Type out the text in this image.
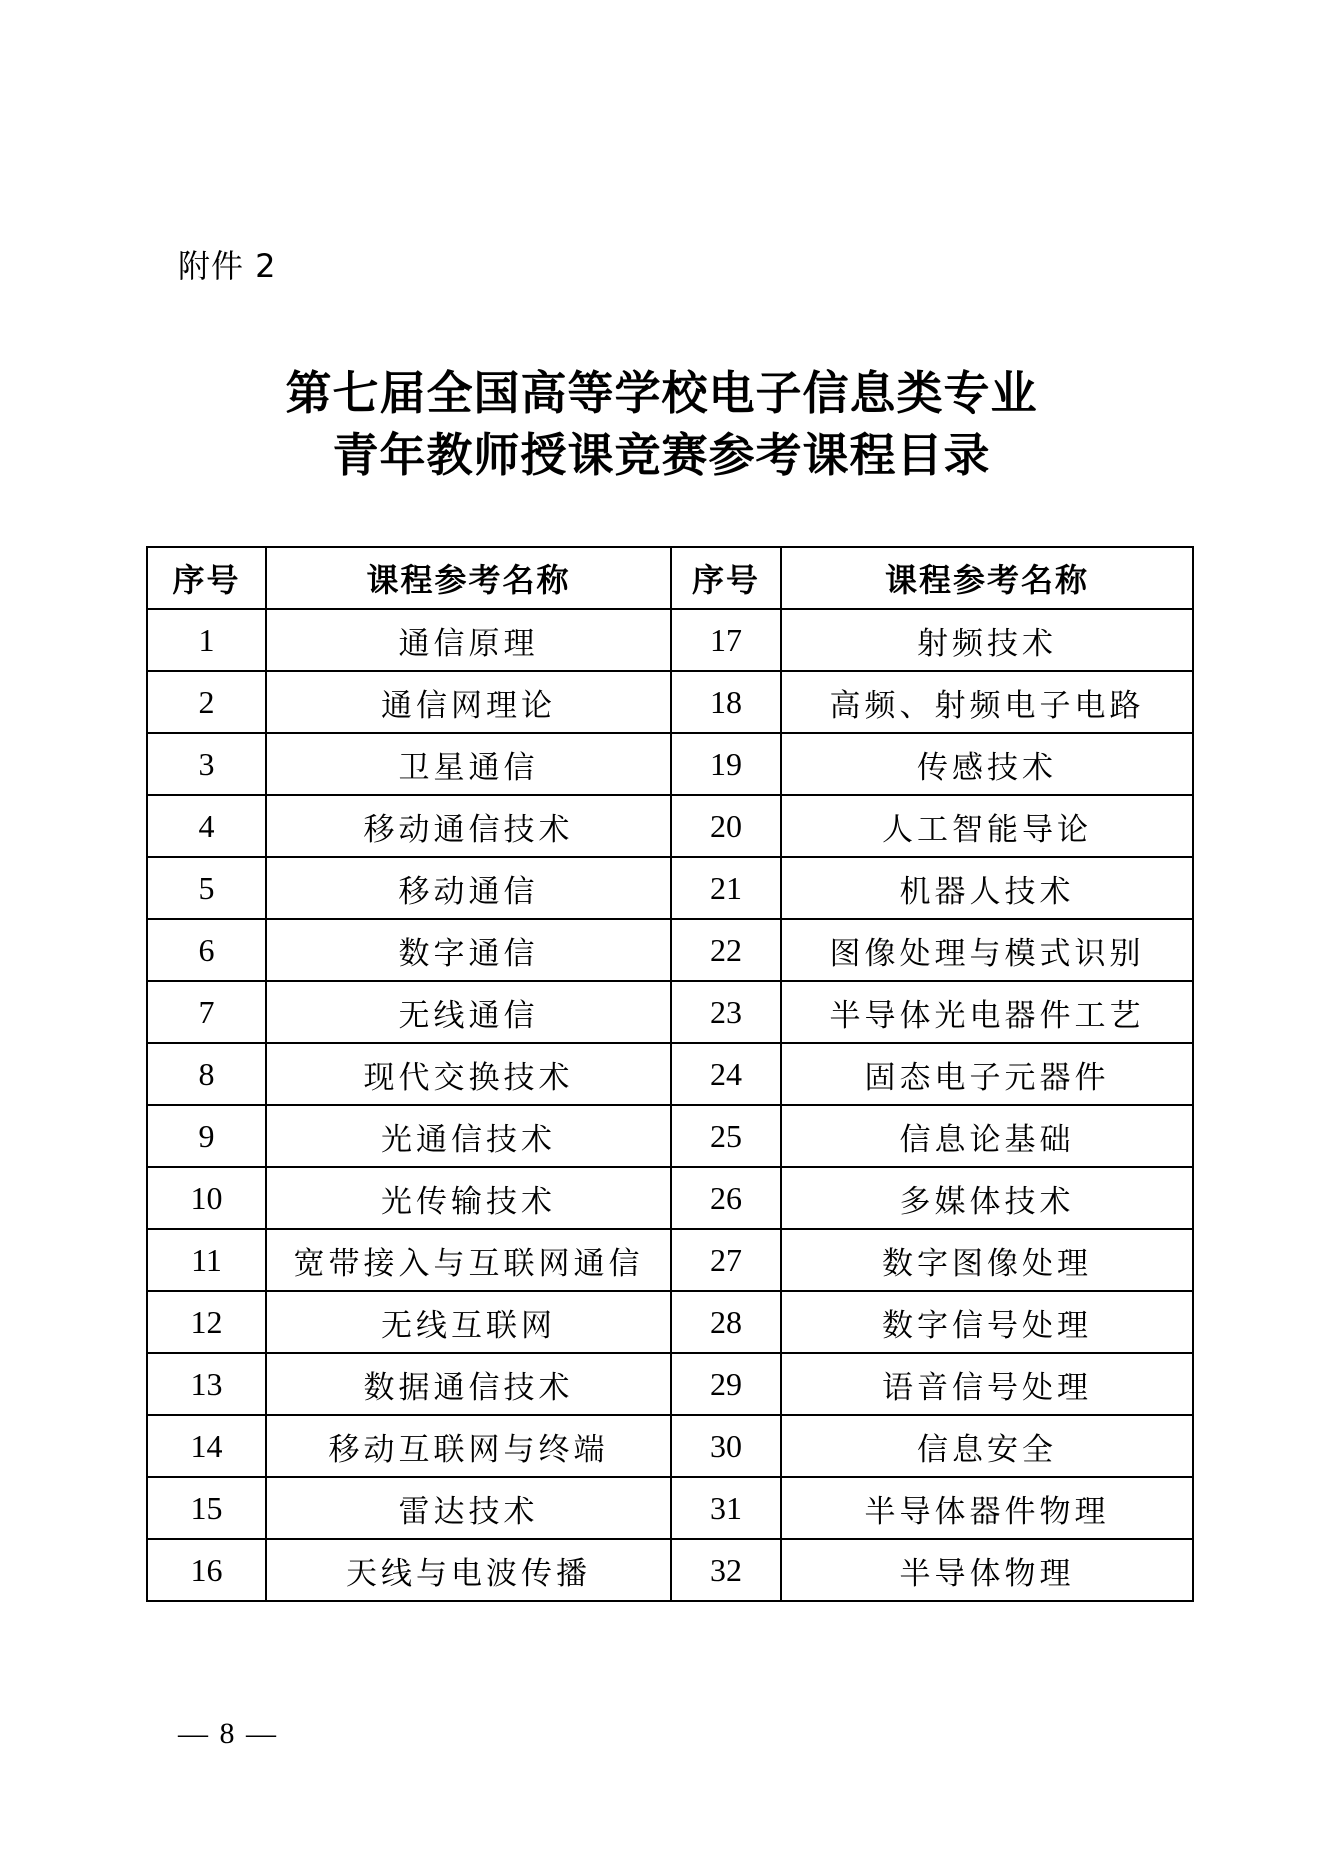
附件 2
第七届全国高等学校电子信息类专业
青年教师授课竞赛参考课程目录
序号	课程参考名称	序号	课程参考名称
1	通信原理	17	射频技术
2	通信网理论	18	高频、射频电子电路
3	卫星通信	19	传感技术
4	移动通信技术	20	人工智能导论
5	移动通信	21	机器人技术
6	数字通信	22	图像处理与模式识别
7	无线通信	23	半导体光电器件工艺
8	现代交换技术	24	固态电子元器件
9	光通信技术	25	信息论基础
10	光传输技术	26	多媒体技术
11	宽带接入与互联网通信	27	数字图像处理
12	无线互联网	28	数字信号处理
13	数据通信技术	29	语音信号处理
14	移动互联网与终端	30	信息安全
15	雷达技术	31	半导体器件物理
16	天线与电波传播	32	半导体物理
— 8 —
